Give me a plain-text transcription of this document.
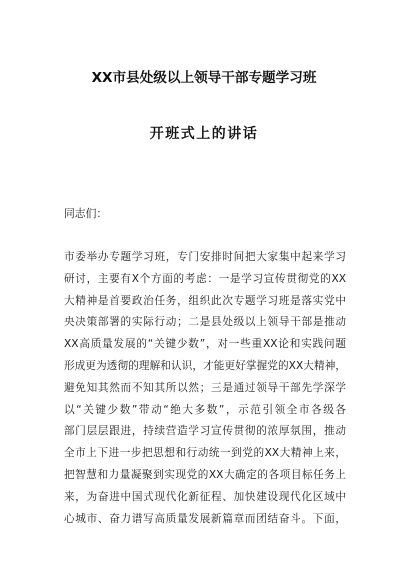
XX市县处级以上领导干部专题学习班
开班式上的讲话
同志们：
市委举办专题学习班，专门安排时间把大家集中起来学习
研讨，主要有X个方面的考虑：一是学习宣传贯彻党的XX
大精神是首要政治任务，组织此次专题学习班是落实党中
央决策部署的实际行动；二是县处级以上领导干部是推动
XX高质量发展的“关键少数”，对一些重XX论和实践问题
形成更为透彻的理解和认识，才能更好掌握党的XX大精神，
避免知其然而不知其所以然；三是通过领导干部先学深学
以“关键少数”带动“绝大多数”，示范引领全市各级各
部门层层跟进，持续营造学习宣传贯彻的浓厚氛围，推动
全市上下进一步把思想和行动统一到党的XX大精神上来，
把智慧和力量凝聚到实现党的XX大确定的各项目标任务上
来，为奋进中国式现代化新征程、加快建设现代化区域中
心城市、奋力谱写高质量发展新篇章而团结奋斗。下面，
